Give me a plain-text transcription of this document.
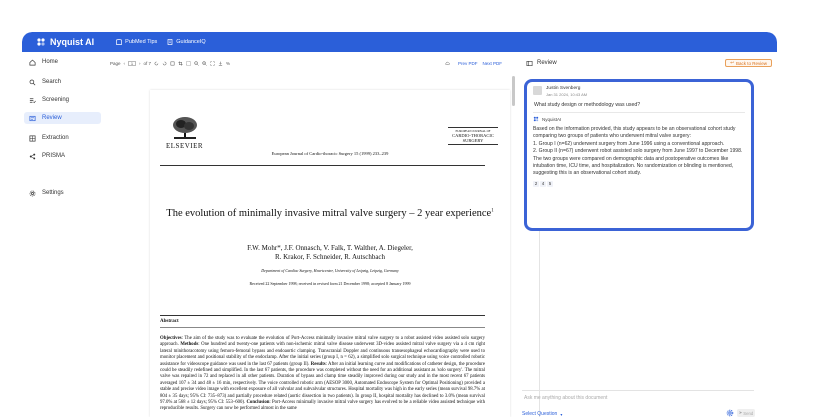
Nyquist AI	PubMed Tips	GuidanceIQ
Home
Search
Screening
Review
Extraction
PRISMA
Settings
Page ‹	1	› of 7	%	Prev PDF Next PDF
ELSEVIER
European Journal of Cardio-thoracic Surgery 15 (1999) 233–239
EUROPEAN JOURNAL OF
CARDIO-THORACIC
SURGERY
The evolution of minimally invasive mitral valve surgery – 2 year experience$^1$
F.W. Mohr*, J.F. Onnasch, V. Falk, T. Walther, A. Diegeler,
R. Krakor, F. Schneider, R. Autschbach
Department of Cardiac Surgery, Heartcenter, University of Leipzig, Leipzig, Germany
Received 22 September 1998; received in revised form 21 December 1998; accepted 8 January 1999
Abstract
Objectives: The aim of the study was to evaluate the evolution of Port-Access minimally invasive mitral valve surgery to a robot assisted video assisted solo surgery approach. Methods: One hundred and twenty-one patients with non-ischemic mitral valve disease underwent 3D-video assisted mitral valve surgery via a 4 cm right lateral minithoracotomy using femoro-femoral bypass and endoaortic clamping. Transcranial Doppler and continuous transesophageal echocardiography were used to monitor placement and positional stability of the endoclamp. After the initial series (group I, n = 62), a simplified solo surgical technique using voice controlled robotic assistance for videoscope guidance was used in the last 67 patients (group II). Results: After an initial learning curve and modifications of catheter design, the procedure could be steadily redefined and simplified. In the last 67 patients, the procedure was completed without the need for an additional assistant as 'solo surgery'. The mitral valve was repaired in 72 and replaced in all other patients. Duration of bypass and clamp time steadily improved during our study and in the most recent 67 patients averaged 107 ± 34 and 48 ± 16 min, respectively. The voice controlled robotic arm (AESOP 3000, Automated Endoscope System for Optimal Positioning) provided a stable and precise video image with excellent exposure of all valvular and subvalvular structures. Hospital mortality was high in the early series (mean survival 98.7% at 804 ± 35 days; 95% CI: 735–873) and partially procedure related (aortic dissection in two patients). In group II, hospital mortality has declined to 3.0% (mean survival 97.0% at 568 ± 12 days; 95% CI: 553–600). Conclusion: Port-Access minimally invasive mitral valve surgery has evolved to be a reliable video assisted technique with reproducible results. Surgery can now be performed almost in the same
Review	↩ Back to Review
Justin Svenberg
Jan 31 2024, 10:43 AM
What study design or methodology was used?
NyquistAI

Based on the information provided, this study appears to be an observational cohort study comparing two groups of patients who underwent mitral valve surgery:

1. Group I (n=62) underwent surgery from June 1996 using a conventional approach.

2. Group II (n=67) underwent robot assisted solo surgery from June 1997 to December 1998.

The two groups were compared on demographic data and postoperative outcomes like intubation time, ICU time, and hospitalization. No randomization or blinding is mentioned, suggesting this is an observational cohort study.

2	4	5
Ask me anything about this document
Select Question ▾	➤ Send
